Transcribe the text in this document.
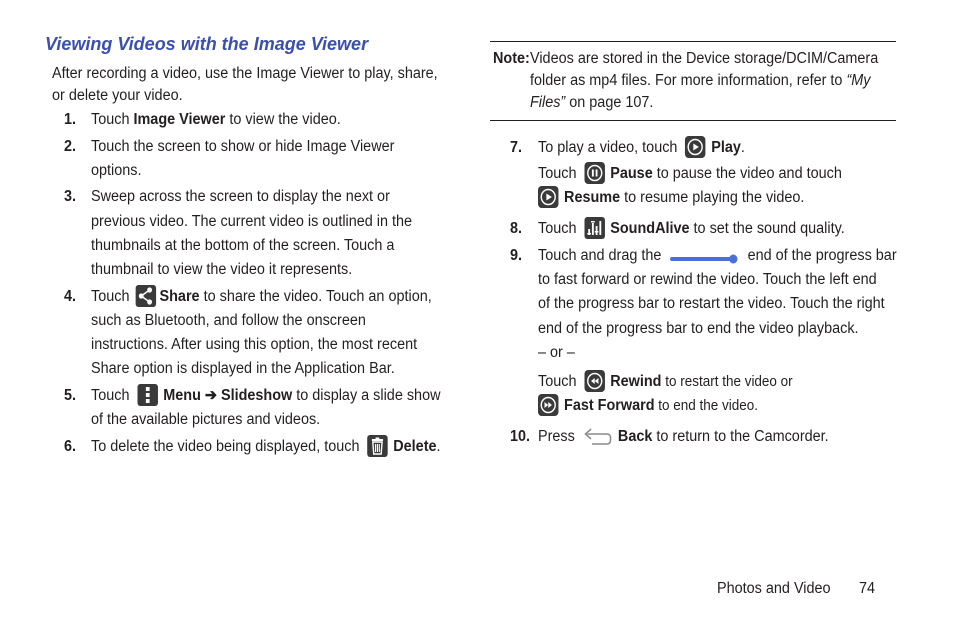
Viewing Videos with the Image Viewer
After recording a video, use the Image Viewer to play, share,
or delete your video.
1. Touch Image Viewer to view the video.
2. Touch the screen to show or hide Image Viewer
options.
3. Sweep across the screen to display the next or
previous video. The current video is outlined in the
thumbnails at the bottom of the screen. Touch a
thumbnail to view the video it represents.
4. Touch Share to share the video. Touch an option,
such as Bluetooth, and follow the onscreen
instructions. After using this option, the most recent
Share option is displayed in the Application Bar.
5. Touch Menu ➔ Slideshow to display a slide show
of the available pictures and videos.
6. To delete the video being displayed, touch Delete.
Note: Videos are stored in the Device storage/DCIM/Camera
folder as mp4 files. For more information, refer to “My
Files” on page 107.
7. To play a video, touch Play.
Touch Pause to pause the video and touch
Resume to resume playing the video.
8. Touch SoundAlive to set the sound quality.
9. Touch and drag the	end of the progress bar
to fast forward or rewind the video. Touch the left end
of the progress bar to restart the video. Touch the right
end of the progress bar to end the video playback.
– or –
Touch Rewind to restart the video or
Fast Forward to end the video.
10. Press	Back to return to the Camcorder.
Photos and Video 74
